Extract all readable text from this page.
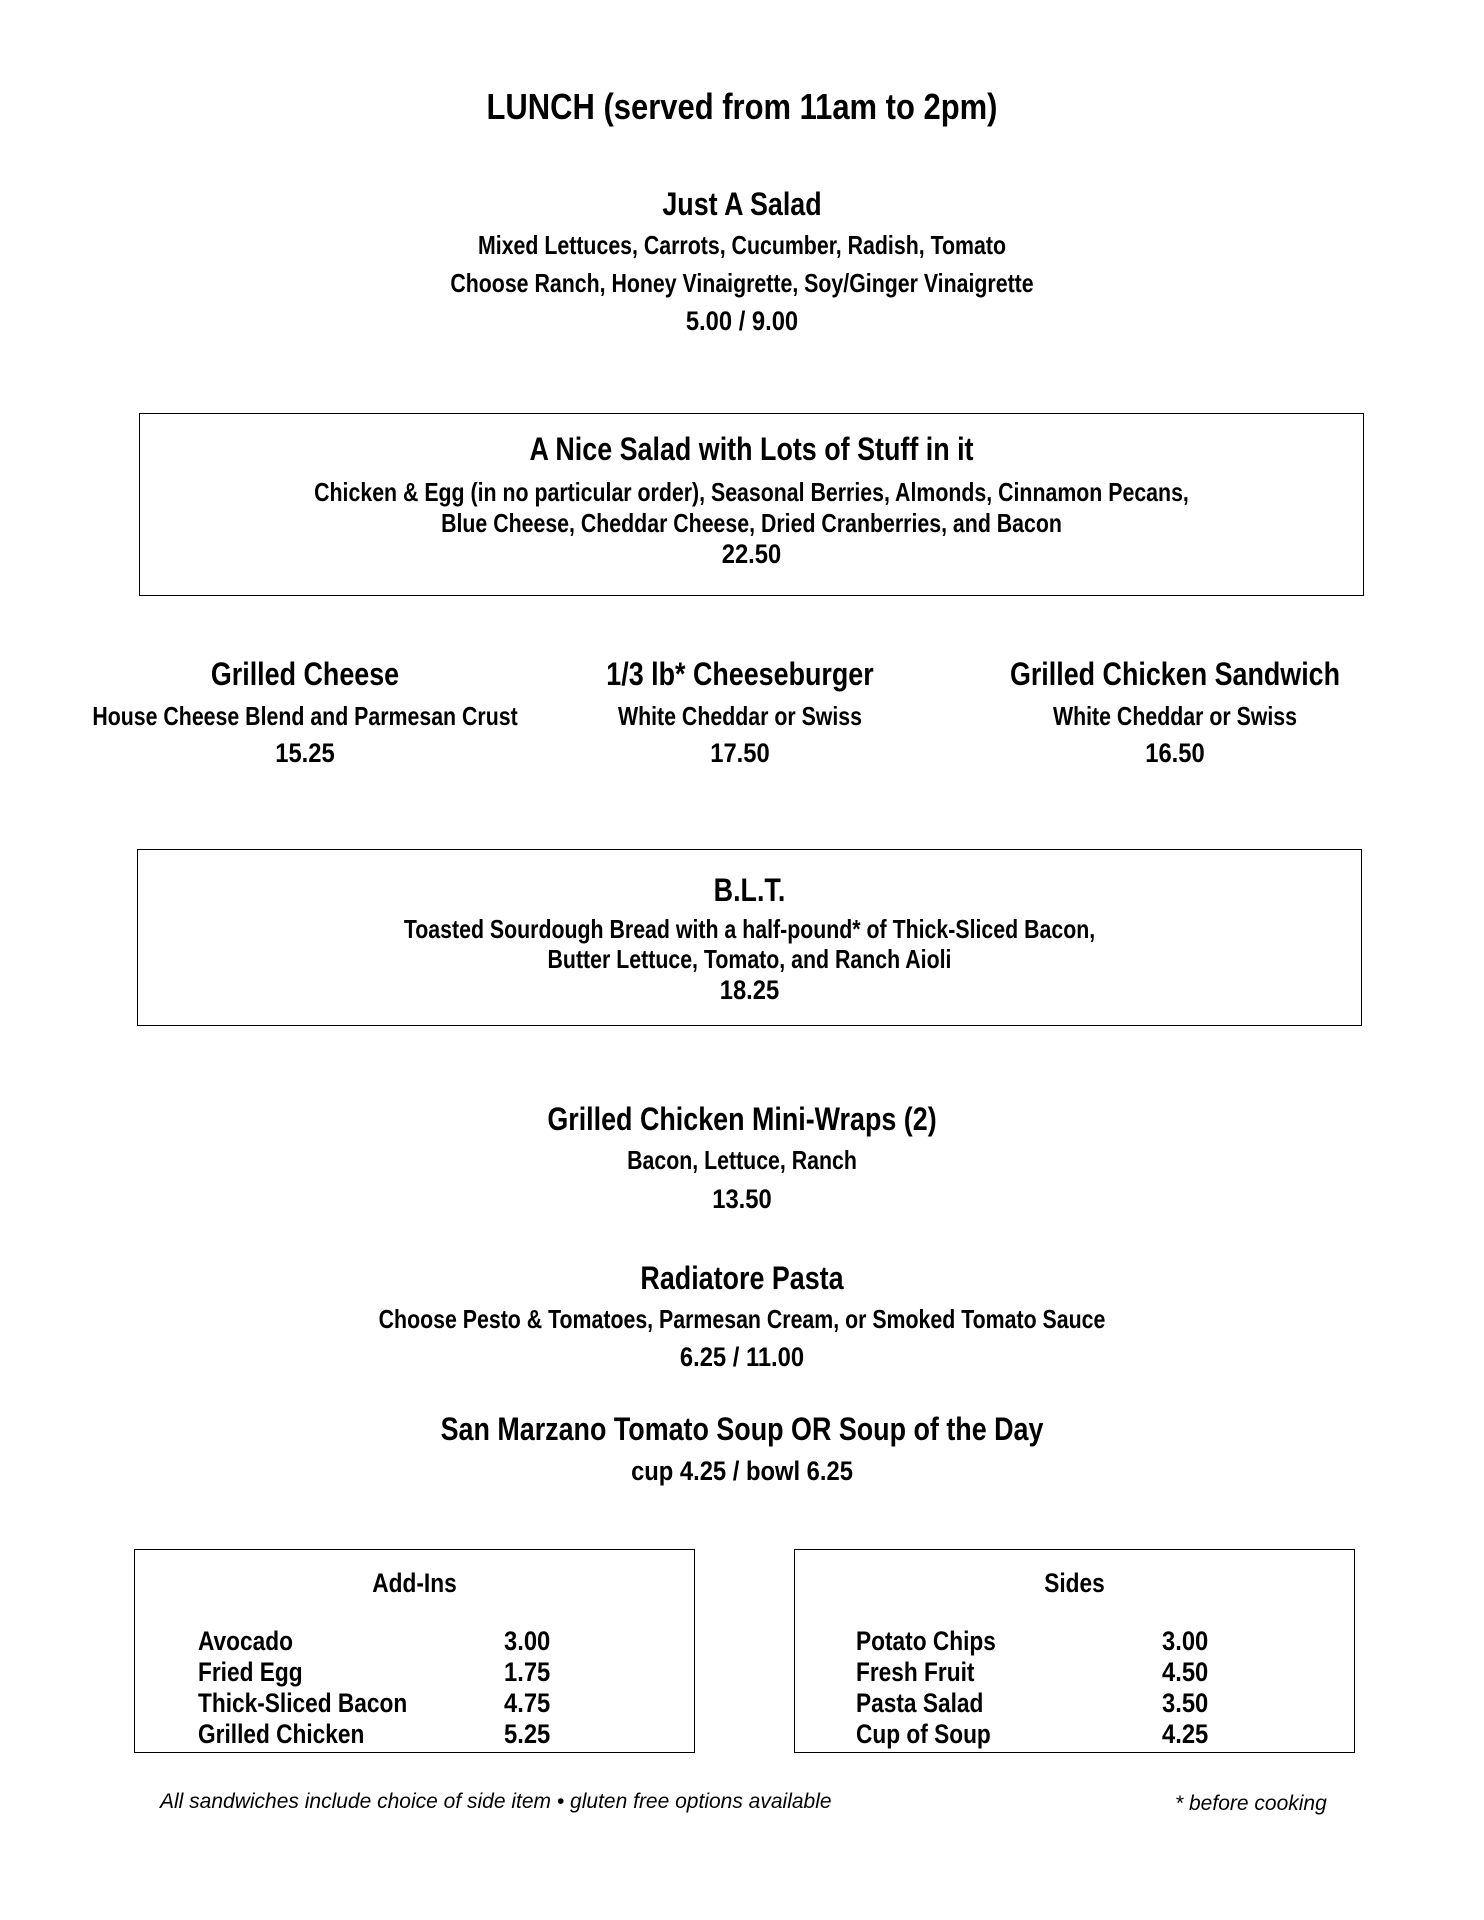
LUNCH (served from 11am to 2pm)
Just A Salad
Mixed Lettuces, Carrots, Cucumber, Radish, Tomato
Choose Ranch, Honey Vinaigrette, Soy/Ginger Vinaigrette
5.00 / 9.00
A Nice Salad with Lots of Stuff in it
Chicken & Egg (in no particular order), Seasonal Berries, Almonds, Cinnamon Pecans,
Blue Cheese, Cheddar Cheese, Dried Cranberries, and Bacon
22.50
Grilled Cheese
House Cheese Blend and Parmesan Crust
15.25
1/3 lb* Cheeseburger
White Cheddar or Swiss
17.50
Grilled Chicken Sandwich
White Cheddar or Swiss
16.50
B.L.T.
Toasted Sourdough Bread with a half-pound* of Thick-Sliced Bacon,
Butter Lettuce, Tomato, and Ranch Aioli
18.25
Grilled Chicken Mini-Wraps (2)
Bacon, Lettuce, Ranch
13.50
Radiatore Pasta
Choose Pesto & Tomatoes, Parmesan Cream, or Smoked Tomato Sauce
6.25 / 11.00
San Marzano Tomato Soup OR Soup of the Day
cup 4.25 / bowl 6.25
Add-Ins
Avocado	3.00
Fried Egg	1.75
Thick-Sliced Bacon	4.75
Grilled Chicken	5.25
Sides
Potato Chips	3.00
Fresh Fruit	4.50
Pasta Salad	3.50
Cup of Soup	4.25
All sandwiches include choice of side item • gluten free options available	* before cooking
